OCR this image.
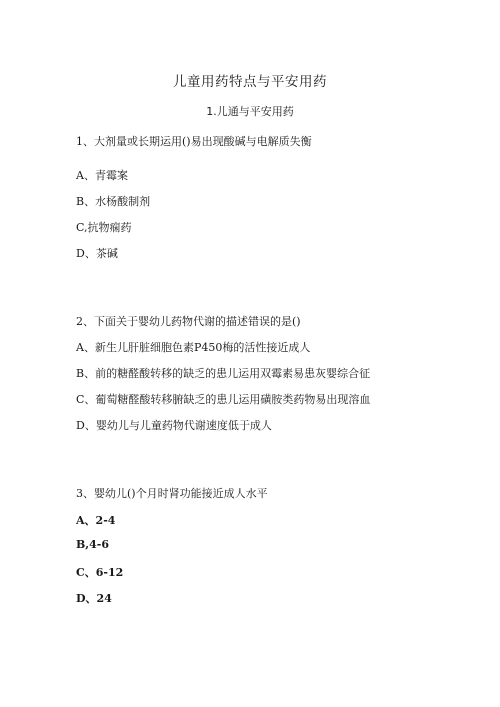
儿童用药特点与平安用药
1.儿通与平安用药

1、大剂量或长期运用()易出现酸碱与电解质失衡

A、青霉案

B、水杨酸制剂

C,抗物痫药

D、茶碱

2、下面关于婴幼儿药物代谢的描述错误的是()

A、新生儿肝脏细胞色素P450梅的活性接近成人

B、前的糖醛酸转移的缺乏的患儿运用双霉素易患灰婴综合征

C、葡萄糖醛酸转移腑缺乏的患儿运用磺胺类药物易出现溶血

D、婴幼儿与儿童药物代谢速度低于成人

3、婴幼儿()个月时肾功能接近成人水平

A、2-4

B,4-6

C、6-12

D、24
